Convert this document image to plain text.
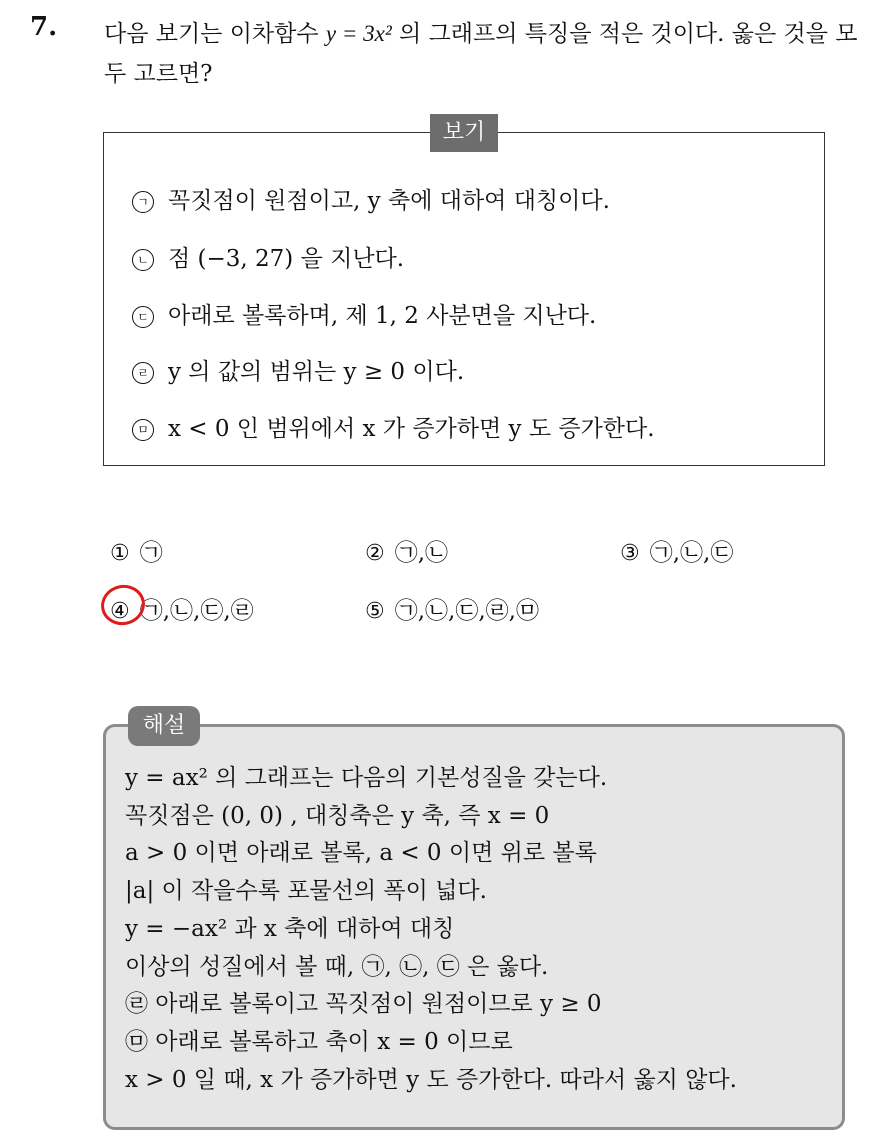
7. 다음 보기는 이차함수 y = 3x² 의 그래프의 특징을 적은 것이다. 옳은 것을 모두 고르면?
보기
ㄱ 꼭짓점이 원점이고, y 축에 대하여 대칭이다.
ㄴ 점 (−3, 27) 을 지난다.
ㄷ 아래로 볼록하며, 제 1, 2 사분면을 지난다.
ㄹ y 의 값의 범위는 y ≥ 0 이다.
ㅁ x < 0 인 범위에서 x 가 증가하면 y 도 증가한다.
① ㉠	② ㉠,㉡	③ ㉠,㉡,㉢
④ ㉠,㉡,㉢,㉣	⑤ ㉠,㉡,㉢,㉣,㉤
해설
y = ax² 의 그래프는 다음의 기본성질을 갖는다.
꼭짓점은 (0, 0) , 대칭축은 y 축, 즉 x = 0
a > 0 이면 아래로 볼록, a < 0 이면 위로 볼록
|a| 이 작을수록 포물선의 폭이 넓다.
y = −ax² 과 x 축에 대하여 대칭
이상의 성질에서 볼 때, ㉠, ㉡, ㉢ 은 옳다.
㉣ 아래로 볼록이고 꼭짓점이 원점이므로 y ≥ 0
㉤ 아래로 볼록하고 축이 x = 0 이므로
x > 0 일 때, x 가 증가하면 y 도 증가한다. 따라서 옳지 않다.
